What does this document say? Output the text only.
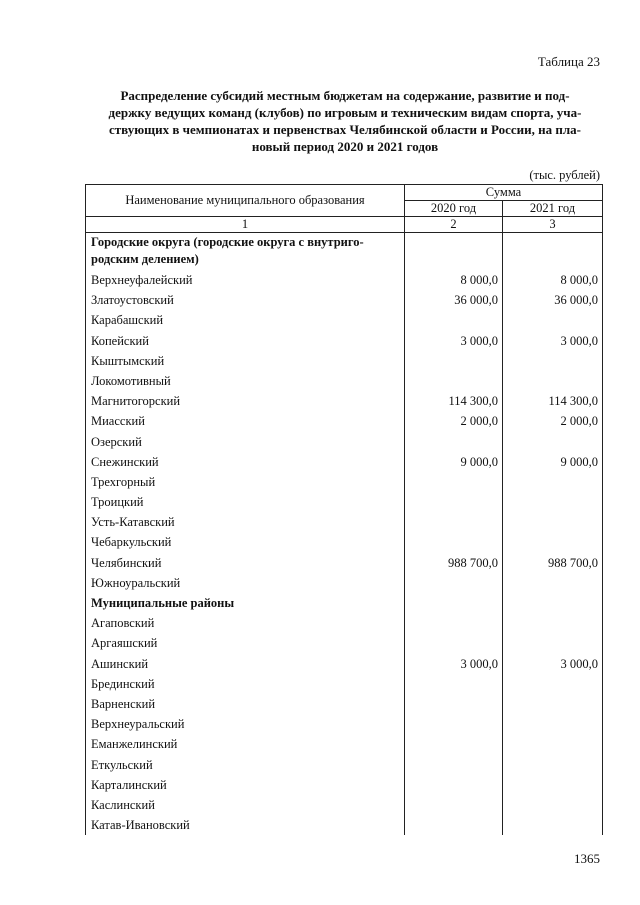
Таблица 23
Распределение субсидий местным бюджетам на содержание, развитие и под-
держку ведущих команд (клубов) по игровым и техническим видам спорта, уча-
ствующих в чемпионатах и первенствах Челябинской области и России, на пла-
новый период 2020 и 2021 годов
(тыс. рублей)
Наименование муниципального образования	Сумма	
	2020 год	2021 год
1	2	3
Городские округа (городские округа с внутриго-
родским делением)		
Верхнеуфалейский	8 000,0	8 000,0
Златоустовский	36 000,0	36 000,0
Карабашский		
Копейский	3 000,0	3 000,0
Кыштымский		
Локомотивный		
Магнитогорский	114 300,0	114 300,0
Миасский	2 000,0	2 000,0
Озерский		
Снежинский	9 000,0	9 000,0
Трехгорный		
Троицкий		
Усть-Катавский		
Чебаркульский		
Челябинский	988 700,0	988 700,0
Южноуральский		
Муниципальные районы		
Агаповский		
Аргаяшский		
Ашинский	3 000,0	3 000,0
Брединский		
Варненский		
Верхнеуральский		
Еманжелинский		
Еткульский		
Карталинский		
Каслинский		
Катав-Ивановский		
1365
